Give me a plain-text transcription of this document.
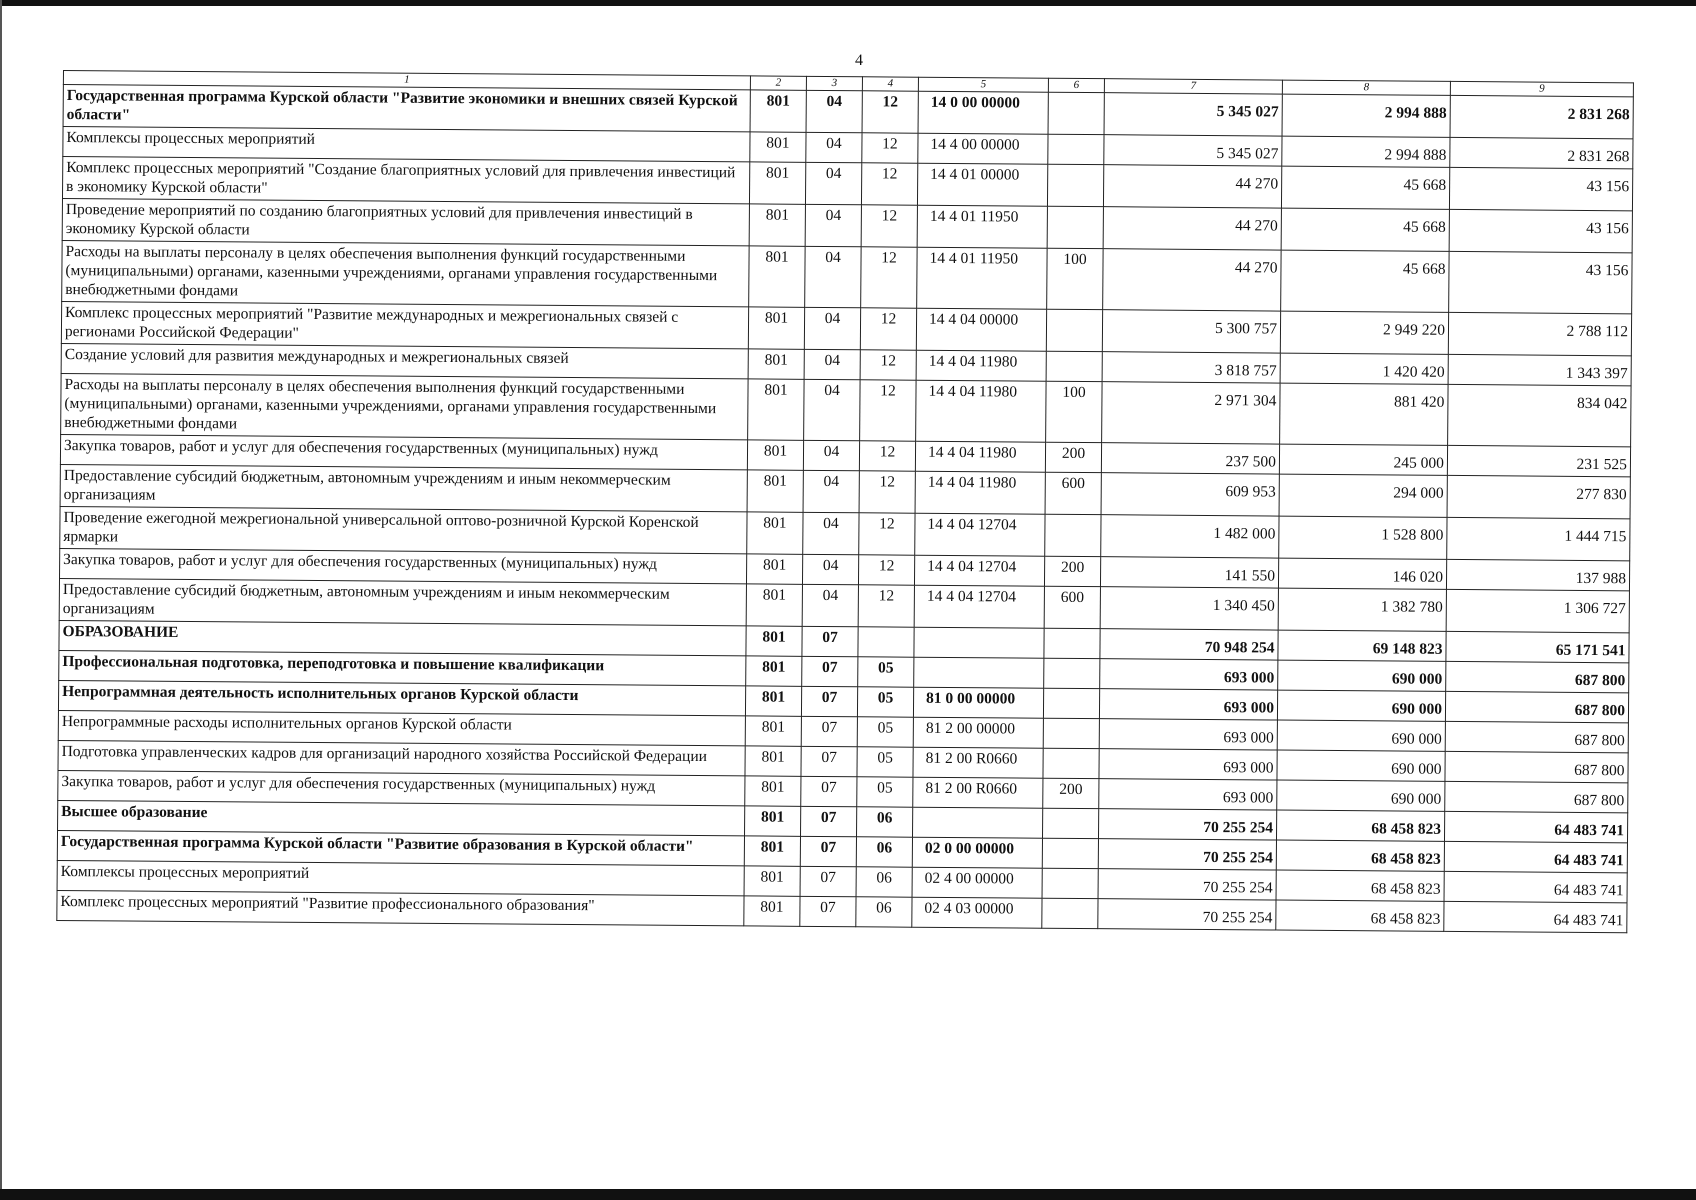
4
1	2	3	4	5	6	7	8	9
Государственная программа Курской области "Развитие экономики и внешних связей Курской области"	801	04	12	14 0 00 00000		5 345 027	2 994 888	2 831 268
Комплексы процессных мероприятий	801	04	12	14 4 00 00000		5 345 027	2 994 888	2 831 268
Комплекс процессных мероприятий "Создание благоприятных условий для привлечения инвестиций в экономику Курской области"	801	04	12	14 4 01 00000		44 270	45 668	43 156
Проведение мероприятий по созданию благоприятных условий для привлечения инвестиций в экономику Курской области	801	04	12	14 4 01 11950		44 270	45 668	43 156
Расходы на выплаты персоналу в целях обеспечения выполнения функций государственными (муниципальными) органами, казенными учреждениями, органами управления государственными внебюджетными фондами	801	04	12	14 4 01 11950	100	44 270	45 668	43 156
Комплекс процессных мероприятий "Развитие международных и межрегиональных связей с регионами Российской Федерации"	801	04	12	14 4 04 00000		5 300 757	2 949 220	2 788 112
Создание условий для развития международных и межрегиональных связей	801	04	12	14 4 04 11980		3 818 757	1 420 420	1 343 397
Расходы на выплаты персоналу в целях обеспечения выполнения функций государственными (муниципальными) органами, казенными учреждениями, органами управления государственными внебюджетными фондами	801	04	12	14 4 04 11980	100	2 971 304	881 420	834 042
Закупка товаров, работ и услуг для обеспечения государственных (муниципальных) нужд	801	04	12	14 4 04 11980	200	237 500	245 000	231 525
Предоставление субсидий бюджетным, автономным учреждениям и иным некоммерческим организациям	801	04	12	14 4 04 11980	600	609 953	294 000	277 830
Проведение ежегодной межрегиональной универсальной оптово-розничной Курской Коренской ярмарки	801	04	12	14 4 04 12704		1 482 000	1 528 800	1 444 715
Закупка товаров, работ и услуг для обеспечения государственных (муниципальных) нужд	801	04	12	14 4 04 12704	200	141 550	146 020	137 988
Предоставление субсидий бюджетным, автономным учреждениям и иным некоммерческим организациям	801	04	12	14 4 04 12704	600	1 340 450	1 382 780	1 306 727
ОБРАЗОВАНИЕ	801	07				70 948 254	69 148 823	65 171 541
Профессиональная подготовка, переподготовка и повышение квалификации	801	07	05			693 000	690 000	687 800
Непрограммная деятельность исполнительных органов Курской области	801	07	05	81 0 00 00000		693 000	690 000	687 800
Непрограммные расходы исполнительных органов Курской области	801	07	05	81 2 00 00000		693 000	690 000	687 800
Подготовка управленческих кадров для организаций народного хозяйства Российской Федерации	801	07	05	81 2 00 R0660		693 000	690 000	687 800
Закупка товаров, работ и услуг для обеспечения государственных (муниципальных) нужд	801	07	05	81 2 00 R0660	200	693 000	690 000	687 800
Высшее образование	801	07	06			70 255 254	68 458 823	64 483 741
Государственная программа Курской области "Развитие образования в Курской области"	801	07	06	02 0 00 00000		70 255 254	68 458 823	64 483 741
Комплексы процессных мероприятий	801	07	06	02 4 00 00000		70 255 254	68 458 823	64 483 741
Комплекс процессных мероприятий "Развитие профессионального образования"	801	07	06	02 4 03 00000		70 255 254	68 458 823	64 483 741
